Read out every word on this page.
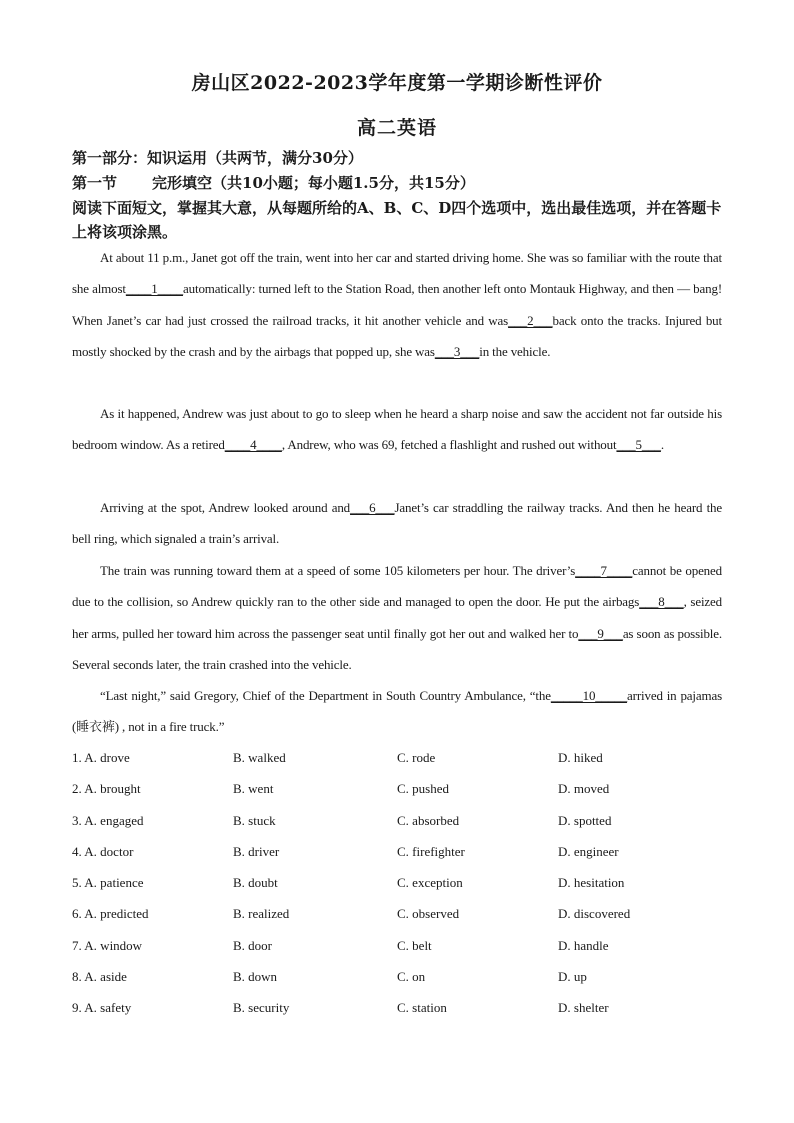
房山区2022-2023学年度第一学期诊断性评价
高二英语
第一部分：知识运用（共两节，满分30分）
第一节	完形填空（共10小题；每小题1.5分，共15分）
阅读下面短文，掌握其大意，从每题所给的A、B、C、D四个选项中，选出最佳选项，并在答题卡上将该项涂黑。
At about 11 p.m., Janet got off the train, went into her car and started driving home. She was so familiar with the route that she almost____1____automatically: turned left to the Station Road, then another left onto Montauk Highway, and then — bang! When Janet’s car had just crossed the railroad tracks, it hit another vehicle and was___2___back onto the tracks. Injured but mostly shocked by the crash and by the airbags that popped up, she was___3___in the vehicle.
As it happened, Andrew was just about to go to sleep when he heard a sharp noise and saw the accident not far outside his bedroom window. As a retired____4____, Andrew, who was 69, fetched a flashlight and rushed out without___5___.
Arriving at the spot, Andrew looked around and___6___Janet’s car straddling the railway tracks. And then he heard the bell ring, which signaled a train’s arrival.
The train was running toward them at a speed of some 105 kilometers per hour. The driver’s____7____cannot be opened due to the collision, so Andrew quickly ran to the other side and managed to open the door. He put the airbags___8___, seized her arms, pulled her toward him across the passenger seat until finally got her out and walked her to___9___as soon as possible. Several seconds later, the train crashed into the vehicle.
“Last night,” said Gregory, Chief of the Department in South Country Ambulance, “the_____10_____arrived in pajamas (睡衣裤) , not in a fire truck.”
1. A. drove	B. walked	C. rode	D. hiked
2. A. brought	B. went	C. pushed	D. moved
3. A. engaged	B. stuck	C. absorbed	D. spotted
4. A. doctor	B. driver	C. firefighter	D. engineer
5. A. patience	B. doubt	C. exception	D. hesitation
6. A. predicted	B. realized	C. observed	D. discovered
7. A. window	B. door	C. belt	D. handle
8. A. aside	B. down	C. on	D. up
9. A. safety	B. security	C. station	D. shelter
